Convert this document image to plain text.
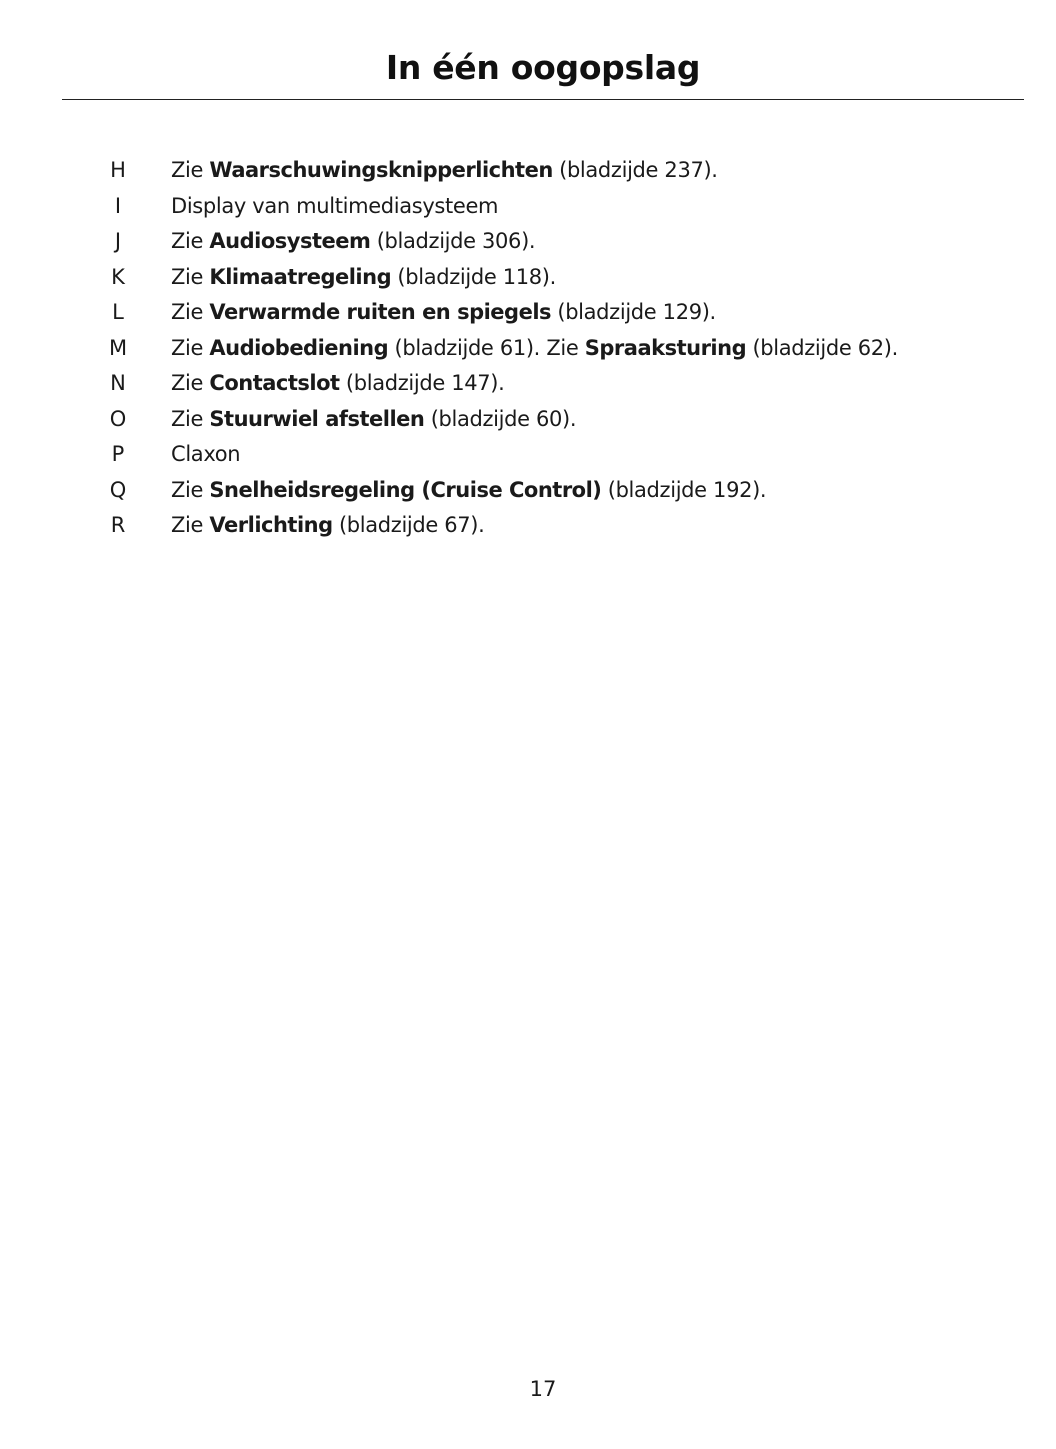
In één oogopslag
H Zie Waarschuwingsknipperlichten (bladzijde 237).
I	Display van multimediasysteem
J	Zie Audiosysteem (bladzijde 306).
K Zie Klimaatregeling (bladzijde 118).
L Zie Verwarmde ruiten en spiegels (bladzijde 129).
M Zie Audiobediening (bladzijde 61). Zie Spraaksturing (bladzijde 62).
N Zie Contactslot (bladzijde 147).
O Zie Stuurwiel afstellen (bladzijde 60).
P Claxon
Q Zie Snelheidsregeling (Cruise Control) (bladzijde 192).
R Zie Verlichting (bladzijde 67).
17
